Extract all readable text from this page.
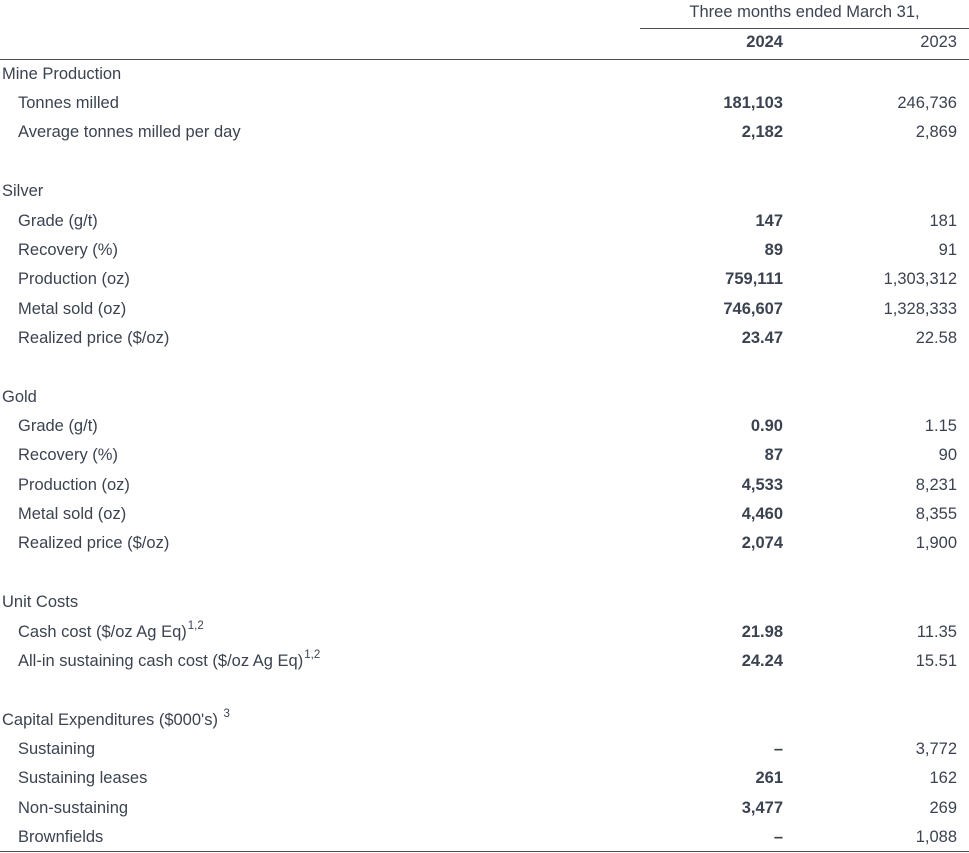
Three months ended March 31,
2024	2023
Mine Production
Tonnes milled	181,103	246,736
Average tonnes milled per day	2,182	2,869
Silver
Grade (g/t)	147	181
Recovery (%)	89	91
Production (oz)	759,111	1,303,312
Metal sold (oz)	746,607	1,328,333
Realized price ($/oz)	23.47	22.58
Gold
Grade (g/t)	0.90	1.15
Recovery (%)	87	90
Production (oz)	4,533	8,231
Metal sold (oz)	4,460	8,355
Realized price ($/oz)	2,074	1,900
Unit Costs
Cash cost ($/oz Ag Eq)$^{1,2}$	21.98	11.35
All-in sustaining cash cost ($/oz Ag Eq)$^{1,2}$	24.24	15.51
Capital Expenditures ($000's) $^3$
Sustaining	–	3,772
Sustaining leases	261	162
Non-sustaining	3,477	269
Brownfields	–	1,088
